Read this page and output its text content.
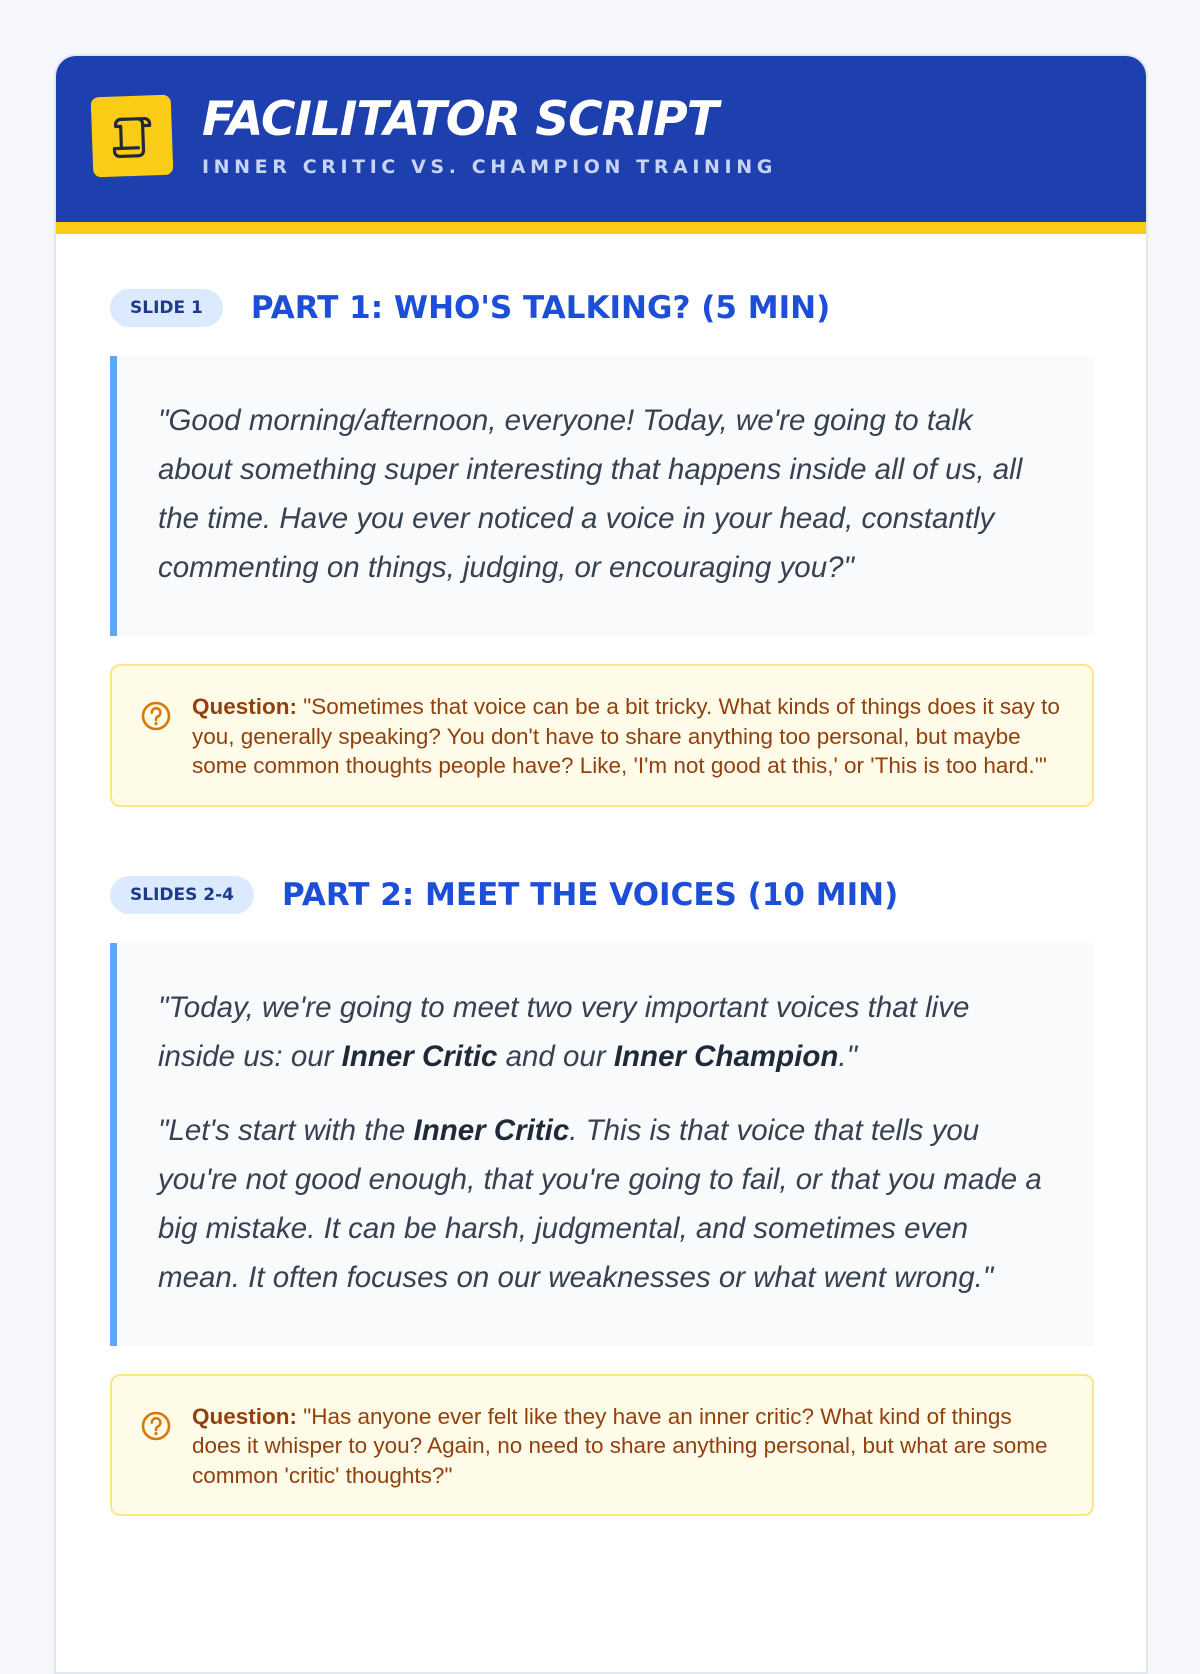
FACILITATOR SCRIPT
INNER CRITIC VS. CHAMPION TRAINING
SLIDE 1	PART 1: WHO'S TALKING? (5 MIN)

"Good morning/afternoon, everyone! Today, we're going to talk about something super interesting that happens inside all of us, all the time. Have you ever noticed a voice in your head, constantly commenting on things, judging, or encouraging you?"

Question: "Sometimes that voice can be a bit tricky. What kinds of things does it say to you, generally speaking? You don't have to share anything too personal, but maybe some common thoughts people have? Like, 'I'm not good at this,' or 'This is too hard.'"
SLIDES 2-4	PART 2: MEET THE VOICES (10 MIN)

"Today, we're going to meet two very important voices that live inside us: our Inner Critic and our Inner Champion."

"Let's start with the Inner Critic. This is that voice that tells you you're not good enough, that you're going to fail, or that you made a big mistake. It can be harsh, judgmental, and sometimes even mean. It often focuses on our weaknesses or what went wrong."

Question: "Has anyone ever felt like they have an inner critic? What kind of things does it whisper to you? Again, no need to share anything personal, but what are some common 'critic' thoughts?"
